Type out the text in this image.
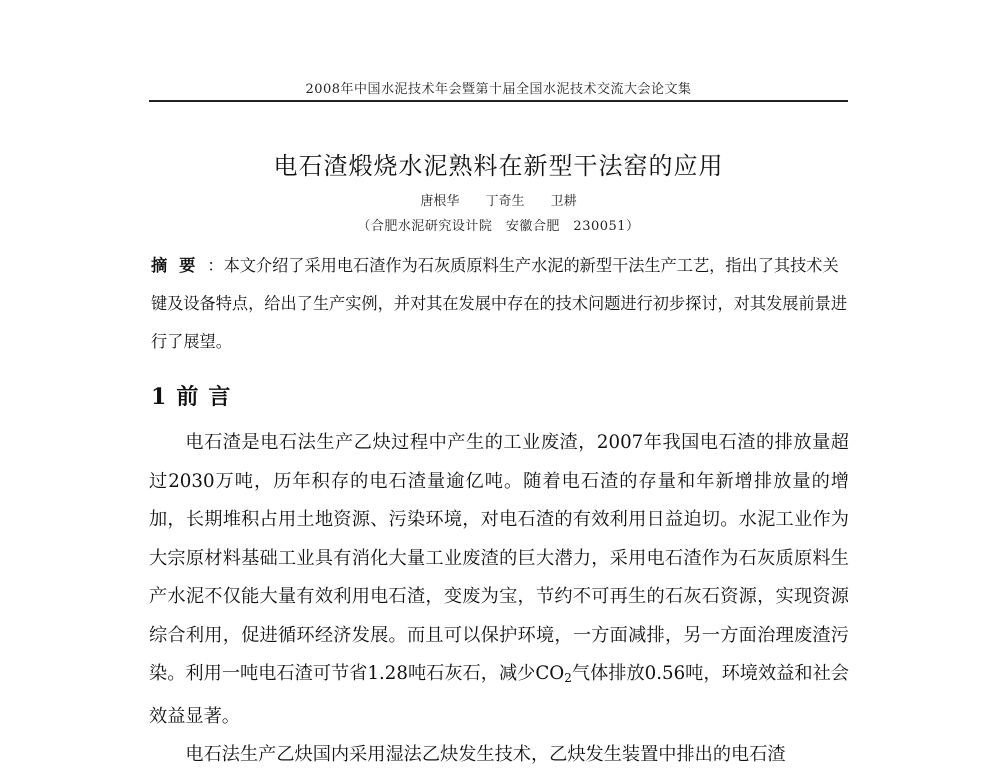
2008年中国水泥技术年会暨第十届全国水泥技术交流大会论文集
电石渣煅烧水泥熟料在新型干法窑的应用
唐根华 丁奇生 卫耕
（合肥水泥研究设计院　安徽合肥　230051）
摘要：本文介绍了采用电石渣作为石灰质原料生产水泥的新型干法生产工艺，指出了其技术关键及设备特点，给出了生产实例，并对其在发展中存在的技术问题进行初步探讨，对其发展前景进行了展望。
1 前言

电石渣是电石法生产乙炔过程中产生的工业废渣，2007年我国电石渣的排放量超过2030万吨，历年积存的电石渣量逾亿吨。随着电石渣的存量和年新增排放量的增加，长期堆积占用土地资源、污染环境，对电石渣的有效利用日益迫切。水泥工业作为大宗原材料基础工业具有消化大量工业废渣的巨大潜力，采用电石渣作为石灰质原料生产水泥不仅能大量有效利用电石渣，变废为宝，节约不可再生的石灰石资源，实现资源综合利用，促进循环经济发展。而且可以保护环境，一方面减排，另一方面治理废渣污染。利用一吨电石渣可节省1.28吨石灰石，减少$CO_2$气体排放0.56吨，环境效益和社会效益显著。

电石法生产乙炔国内采用湿法乙炔发生技术，乙炔发生装置中排出的电石渣
